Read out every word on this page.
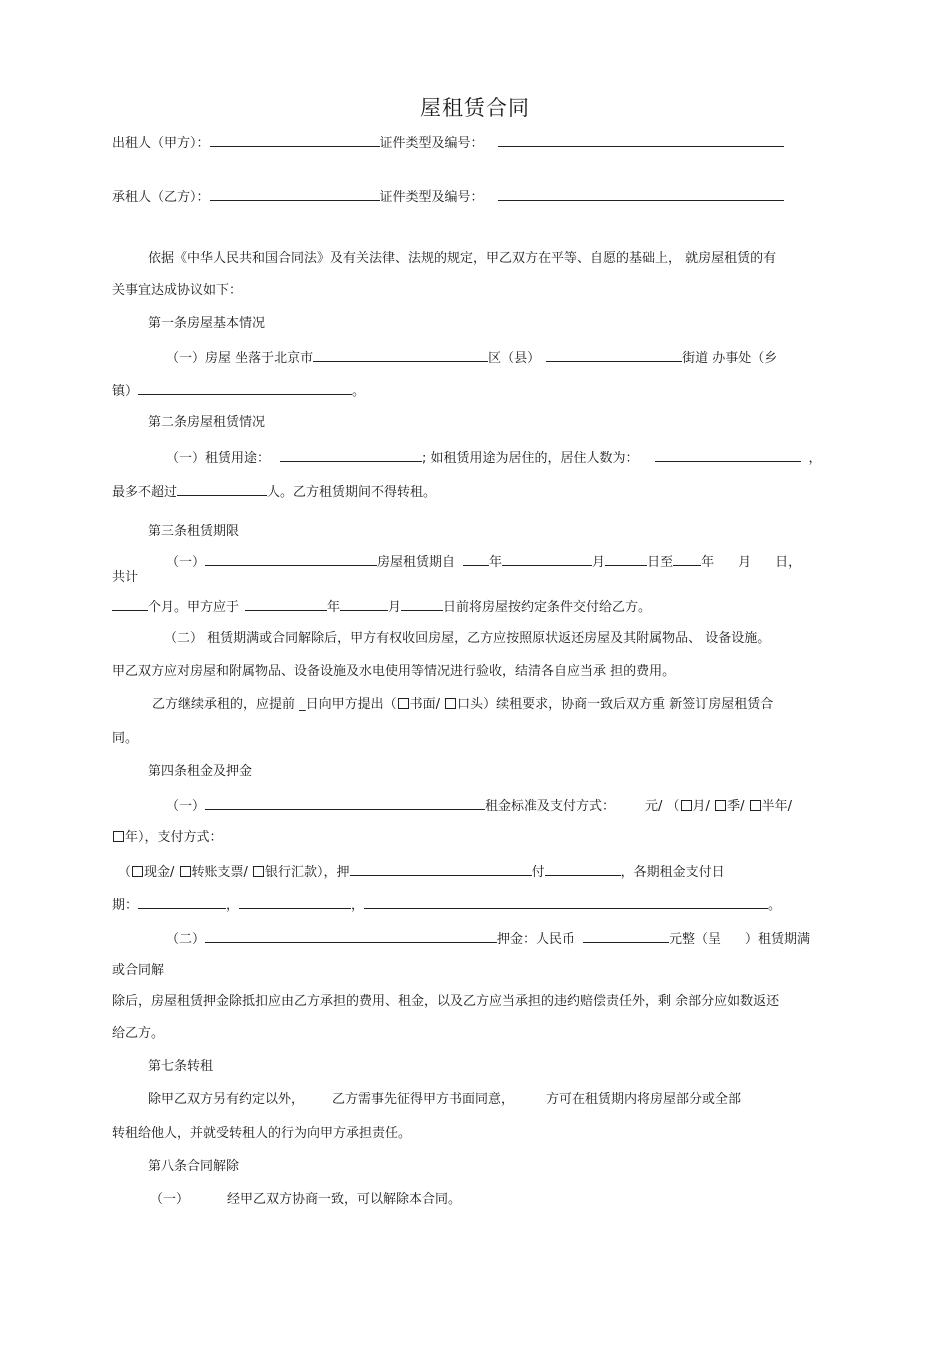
屋租赁合同
出租人（甲方）：	证件类型及编号：
承租人（乙方）：	证件类型及编号：
依据《中华人民共和国合同法》及有关法律、法规的规定，甲乙双方在平等、自愿的基础上， 就房屋租赁的有
关事宜达成协议如下：
第一条房屋基本情况
（一）房屋 坐落于北京市	区（县）	街道 办事处（乡
镇）	。
第二条房屋租赁情况
（一）租赁用途：	; 如租赁用途为居住的，居住人数为：	，
最多不超过	人。乙方租赁期间不得转租。
第三条租赁期限
（一）	房屋租赁期自	年	月	日至 年 月 日，
共计
个月。甲方应于	年	月	日前将房屋按约定条件交付给乙方。
（二） 租赁期满或合同解除后，甲方有权收回房屋，乙方应按照原状返还房屋及其附属物品、 设备设施。
甲乙双方应对房屋和附属物品、设备设施及水电使用等情况进行验收，结清各自应当承 担的费用。
乙方继续承租的，应提前 _日向甲方提出（ 书面/ 口头）续租要求，协商一致后双方重 新签订房屋租赁合
同。
第四条租金及押金
（一）	租金标准及支付方式： 元/ （ 月/ 季/ 半年/
年），支付方式：
（ 现金/ 转账支票/ 银行汇款），押	付	，各期租金支付日
期：	，	，	。
（二）	押金：人民币	元整（呈 ）租赁期满
或合同解
除后，房屋租赁押金除抵扣应由乙方承担的费用、租金，以及乙方应当承担的违约赔偿责任外，剩 余部分应如数返还
给乙方。
第七条转租
除甲乙双方另有约定以外， 乙方需事先征得甲方书面同意， 方可在租赁期内将房屋部分或全部
转租给他人，并就受转租人的行为向甲方承担责任。
第八条合同解除
（一）	经甲乙双方协商一致，可以解除本合同。
